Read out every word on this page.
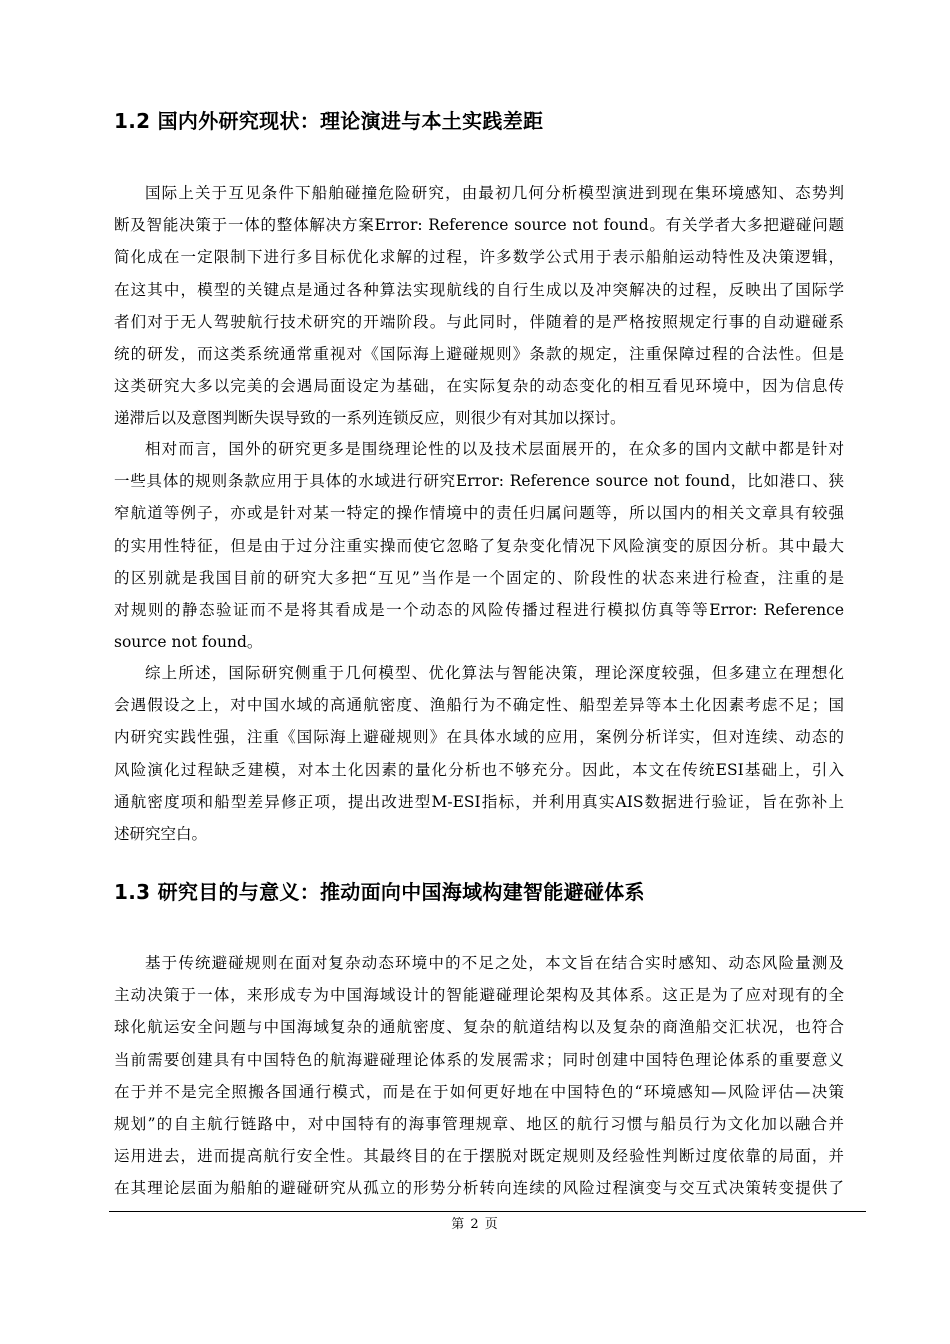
1.2 国内外研究现状：理论演进与本土实践差距
国际上关于互见条件下船舶碰撞危险研究，由最初几何分析模型演进到现在集环境感知、态势判
断及智能决策于一体的整体解决方案Error: Reference source not found。有关学者大多把避碰问题
简化成在一定限制下进行多目标优化求解的过程，许多数学公式用于表示船舶运动特性及决策逻辑，
在这其中，模型的关键点是通过各种算法实现航线的自行生成以及冲突解决的过程，反映出了国际学
者们对于无人驾驶航行技术研究的开端阶段。与此同时，伴随着的是严格按照规定行事的自动避碰系
统的研发，而这类系统通常重视对《国际海上避碰规则》条款的规定，注重保障过程的合法性。但是
这类研究大多以完美的会遇局面设定为基础，在实际复杂的动态变化的相互看见环境中，因为信息传
递滞后以及意图判断失误导致的一系列连锁反应，则很少有对其加以探讨。
相对而言，国外的研究更多是围绕理论性的以及技术层面展开的，在众多的国内文献中都是针对
一些具体的规则条款应用于具体的水域进行研究Error: Reference source not found，比如港口、狭
窄航道等例子，亦或是针对某一特定的操作情境中的责任归属问题等，所以国内的相关文章具有较强
的实用性特征，但是由于过分注重实操而使它忽略了复杂变化情况下风险演变的原因分析。其中最大
的区别就是我国目前的研究大多把“互见”当作是一个固定的、阶段性的状态来进行检查，注重的是
对规则的静态验证而不是将其看成是一个动态的风险传播过程进行模拟仿真等等Error: Reference
source not found。
综上所述，国际研究侧重于几何模型、优化算法与智能决策，理论深度较强，但多建立在理想化
会遇假设之上，对中国水域的高通航密度、渔船行为不确定性、船型差异等本土化因素考虑不足；国
内研究实践性强，注重《国际海上避碰规则》在具体水域的应用，案例分析详实，但对连续、动态的
风险演化过程缺乏建模，对本土化因素的量化分析也不够充分。因此，本文在传统ESI基础上，引入
通航密度项和船型差异修正项，提出改进型M-ESI指标，并利用真实AIS数据进行验证，旨在弥补上
述研究空白。
1.3 研究目的与意义：推动面向中国海域构建智能避碰体系
基于传统避碰规则在面对复杂动态环境中的不足之处，本文旨在结合实时感知、动态风险量测及
主动决策于一体，来形成专为中国海域设计的智能避碰理论架构及其体系。这正是为了应对现有的全
球化航运安全问题与中国海域复杂的通航密度、复杂的航道结构以及复杂的商渔船交汇状况，也符合
当前需要创建具有中国特色的航海避碰理论体系的发展需求；同时创建中国特色理论体系的重要意义
在于并不是完全照搬各国通行模式，而是在于如何更好地在中国特色的“环境感知—风险评估—决策
规划”的自主航行链路中，对中国特有的海事管理规章、地区的航行习惯与船员行为文化加以融合并
运用进去，进而提高航行安全性。其最终目的在于摆脱对既定规则及经验性判断过度依靠的局面，并
在其理论层面为船舶的避碰研究从孤立的形势分析转向连续的风险过程演变与交互式决策转变提供了
第 2 页
